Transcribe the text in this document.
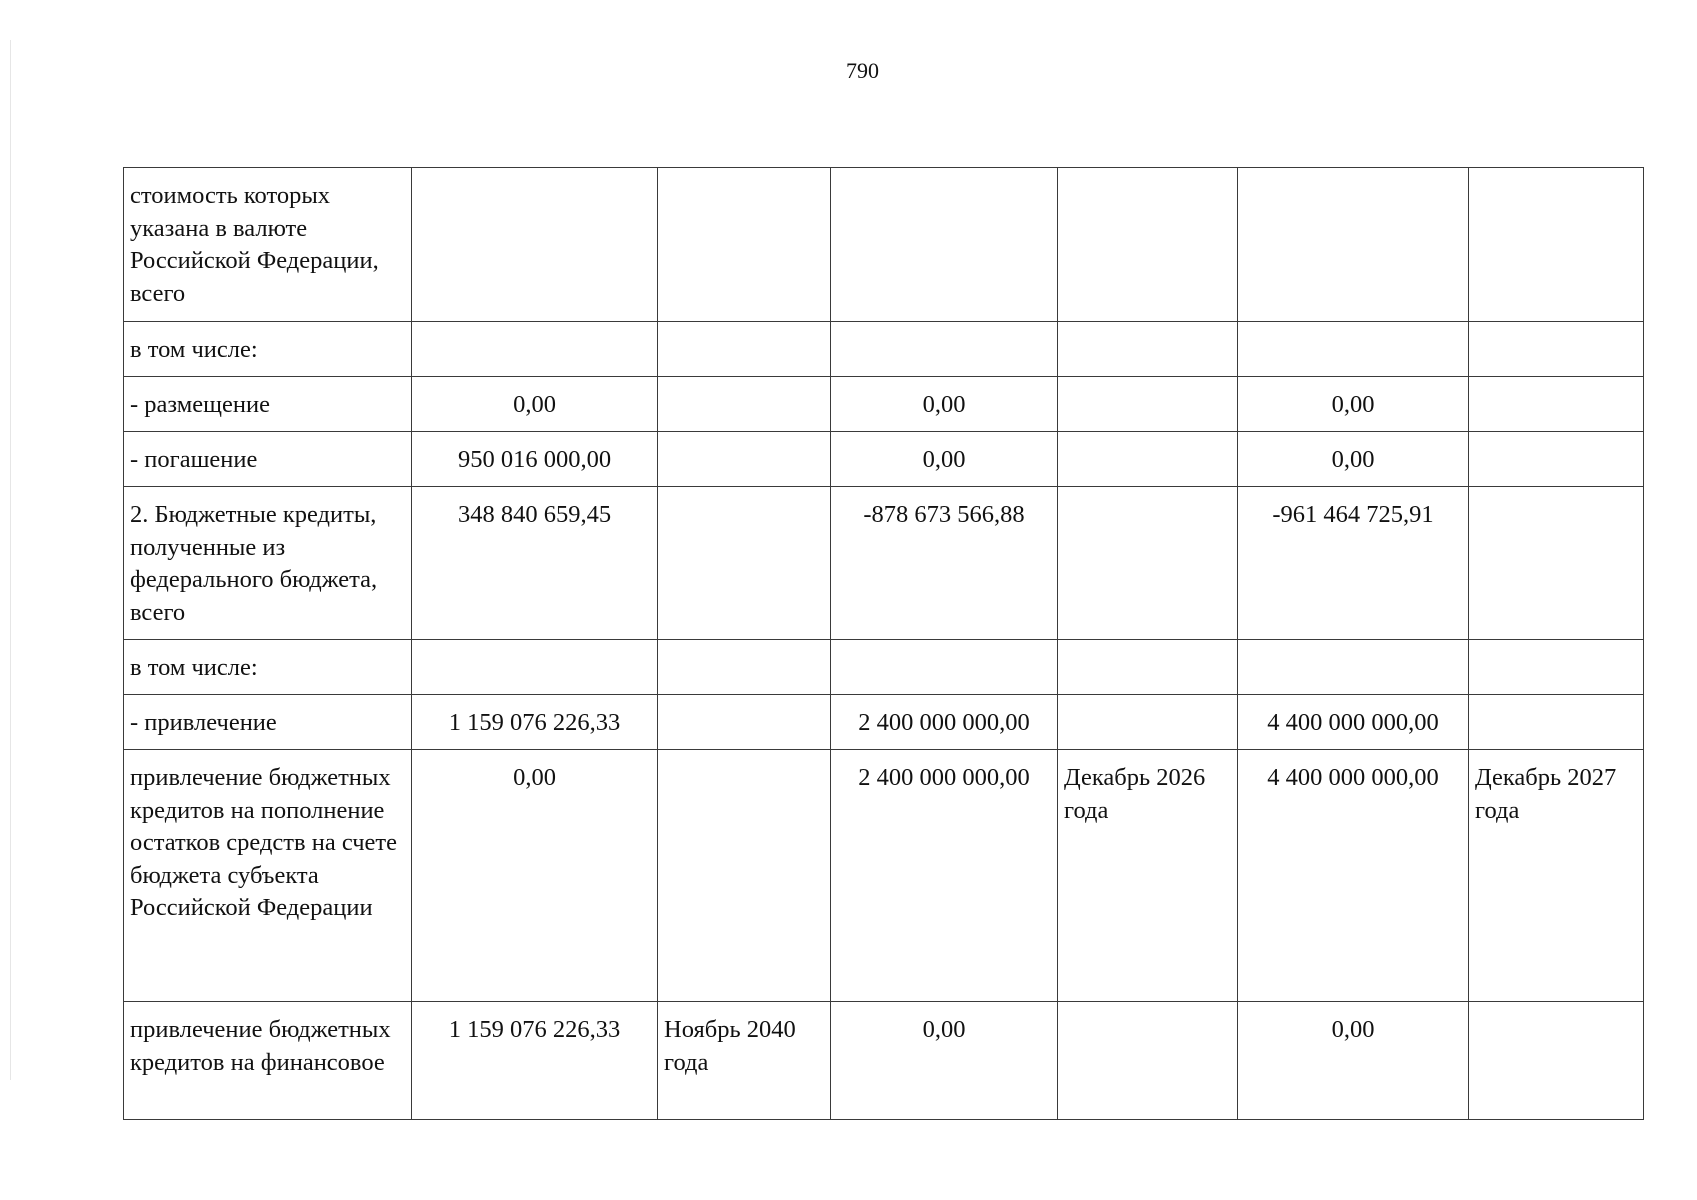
790
стоимость которых указана в валюте Российской Федерации, всего						
в том числе:						
- размещение	0,00		0,00		0,00	
- погашение	950 016 000,00		0,00		0,00	
2. Бюджетные кредиты, полученные из федерального бюджета, всего	348 840 659,45		-878 673 566,88		-961 464 725,91	
в том числе:						
- привлечение	1 159 076 226,33		2 400 000 000,00		4 400 000 000,00	
привлечение бюджетных кредитов на пополнение остатков средств на счете бюджета субъекта Российской Федерации	0,00		2 400 000 000,00	Декабрь 2026 года	4 400 000 000,00	Декабрь 2027 года
привлечение бюджетных кредитов на финансовое	1 159 076 226,33	Ноябрь 2040 года	0,00		0,00	
